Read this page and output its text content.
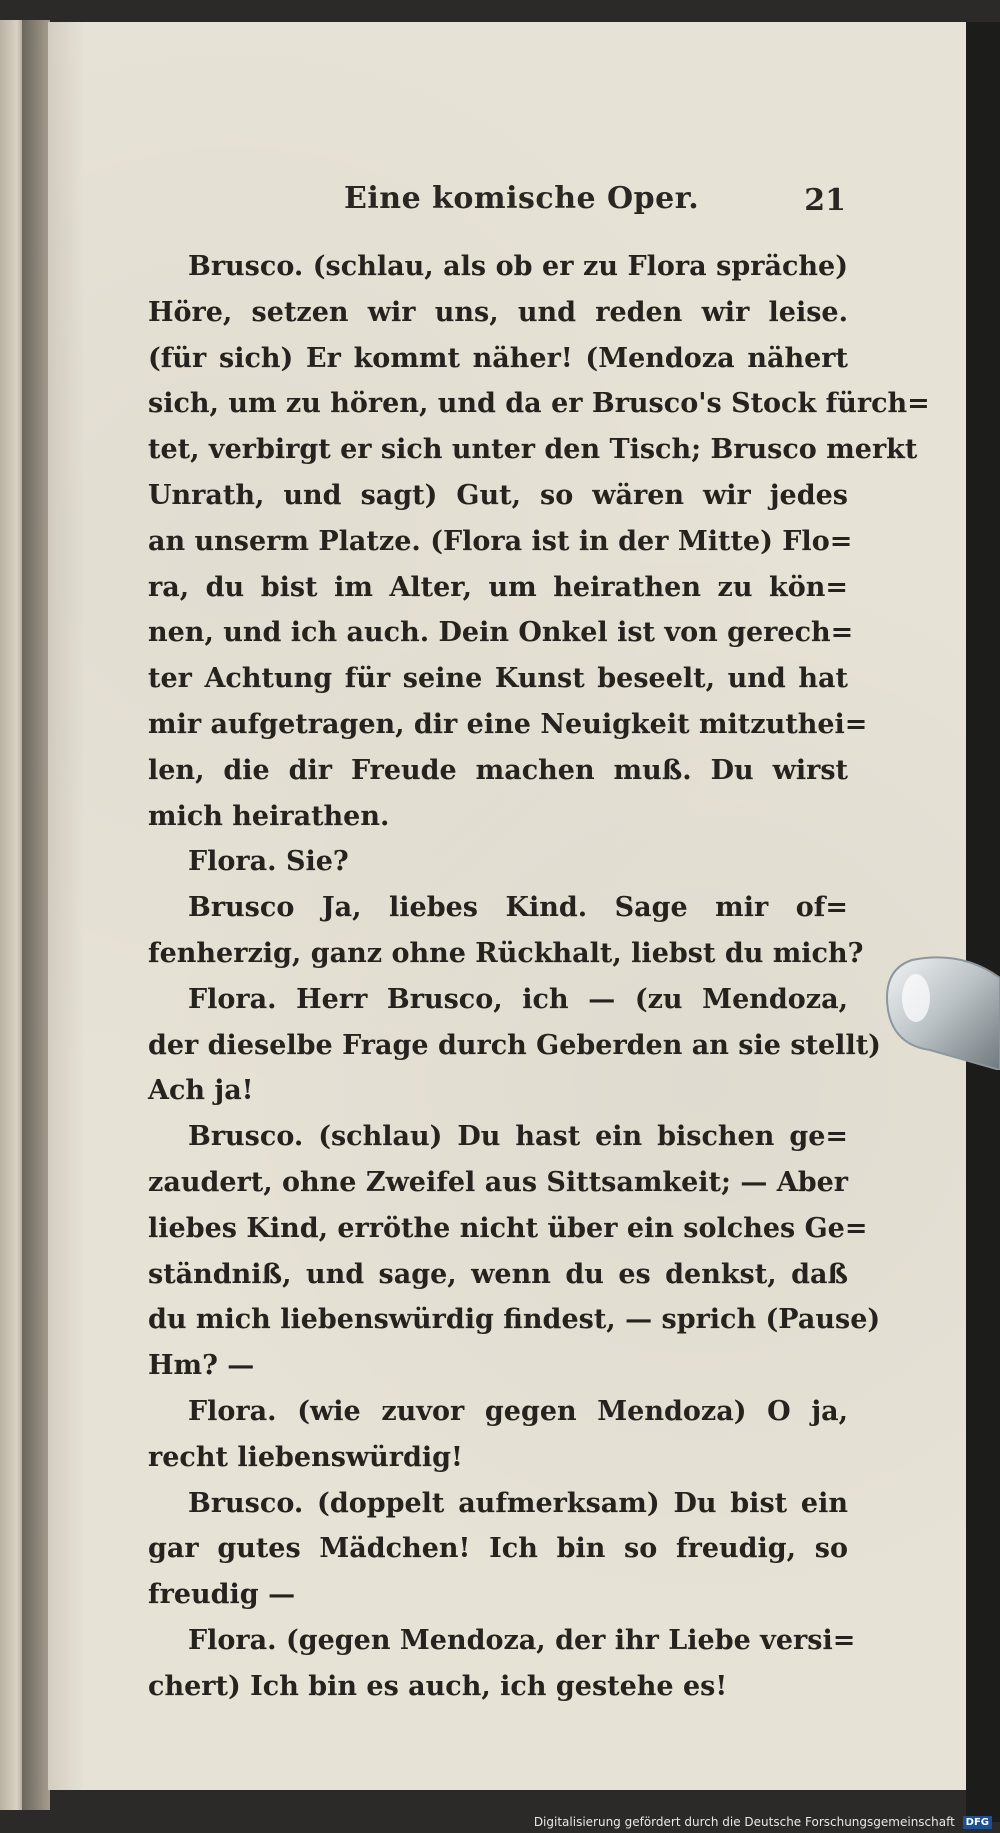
Eine komische Oper.	21
Brusco. (schlau, als ob er zu Flora spräche)
Höre, setzen wir uns, und reden wir leise.
(für sich) Er kommt näher! (Mendoza nähert
sich, um zu hören, und da er Brusco's Stock fürch=
tet, verbirgt er sich unter den Tisch; Brusco merkt
Unrath, und sagt) Gut, so wären wir jedes
an unserm Platze. (Flora ist in der Mitte) Flo=
ra, du bist im Alter, um heirathen zu kön=
nen, und ich auch. Dein Onkel ist von gerech=
ter Achtung für seine Kunst beseelt, und hat
mir aufgetragen, dir eine Neuigkeit mitzuthei=
len, die dir Freude machen muß. Du wirst
mich heirathen.
Flora. Sie?
Brusco Ja, liebes Kind. Sage mir of=
fenherzig, ganz ohne Rückhalt, liebst du mich?
Flora. Herr Brusco, ich — (zu Mendoza,
der dieselbe Frage durch Geberden an sie stellt)
Ach ja!
Brusco. (schlau) Du hast ein bischen ge=
zaudert, ohne Zweifel aus Sittsamkeit; — Aber
liebes Kind, erröthe nicht über ein solches Ge=
ständniß, und sage, wenn du es denkst, daß
du mich liebenswürdig findest, — sprich (Pause)
Hm? —
Flora. (wie zuvor gegen Mendoza) O ja,
recht liebenswürdig!
Brusco. (doppelt aufmerksam) Du bist ein
gar gutes Mädchen! Ich bin so freudig, so
freudig —
Flora. (gegen Mendoza, der ihr Liebe versi=
chert) Ich bin es auch, ich gestehe es!
Digitalisierung gefördert durch die Deutsche Forschungsgemeinschaft DFG
